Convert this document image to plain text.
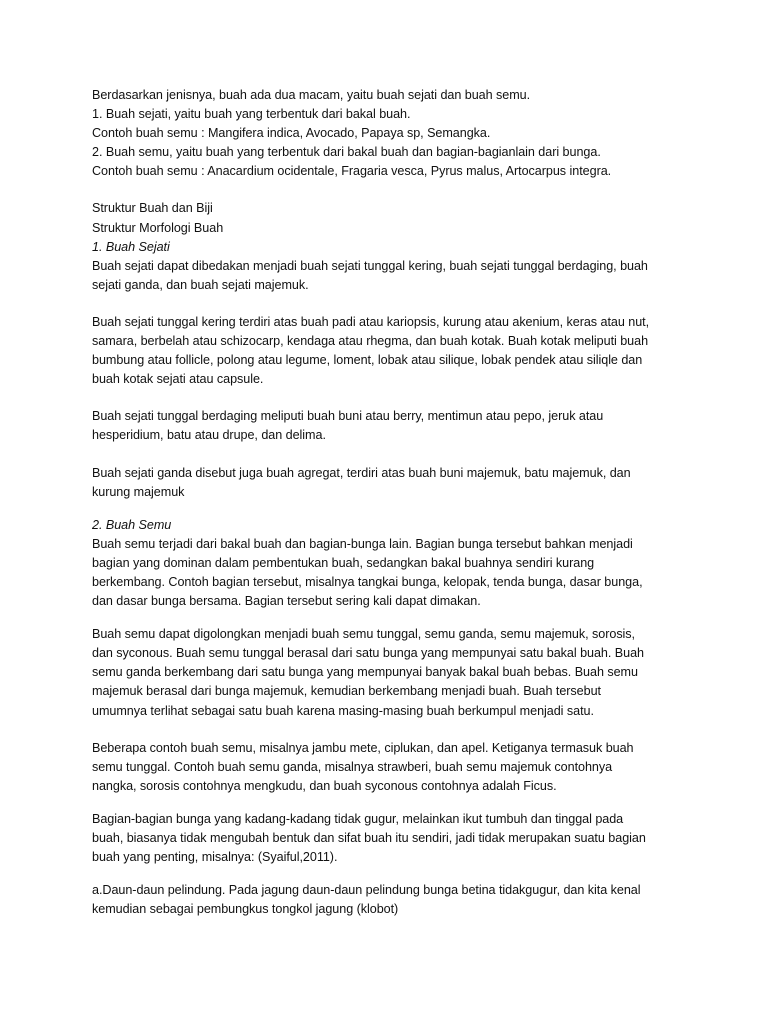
Berdasarkan jenisnya, buah ada dua macam, yaitu buah sejati dan buah semu.
1. Buah sejati, yaitu buah yang terbentuk dari bakal buah.
Contoh buah semu : Mangifera indica, Avocado, Papaya sp, Semangka.
2. Buah semu, yaitu buah yang terbentuk dari bakal buah dan bagian-bagianlain dari bunga.
Contoh buah semu : Anacardium ocidentale, Fragaria vesca, Pyrus malus, Artocarpus integra.
Struktur Buah dan Biji
Struktur Morfologi Buah
1. Buah Sejati
Buah sejati dapat dibedakan menjadi buah sejati tunggal kering, buah sejati tunggal berdaging, buah
sejati ganda, dan buah sejati majemuk.
Buah sejati tunggal kering terdiri atas buah padi atau kariopsis, kurung atau akenium, keras atau nut,
samara, berbelah atau schizocarp, kendaga atau rhegma, dan buah kotak. Buah kotak meliputi buah
bumbung atau follicle, polong atau legume, loment, lobak atau silique, lobak pendek atau siliqle dan
buah kotak sejati atau capsule.
Buah sejati tunggal berdaging meliputi buah buni atau berry, mentimun atau pepo, jeruk atau
hesperidium, batu atau drupe, dan delima.
Buah sejati ganda disebut juga buah agregat, terdiri atas buah buni majemuk, batu majemuk, dan
kurung majemuk
2. Buah Semu
Buah semu terjadi dari bakal buah dan bagian-bunga lain. Bagian bunga tersebut bahkan menjadi
bagian yang dominan dalam pembentukan buah, sedangkan bakal buahnya sendiri kurang
berkembang. Contoh bagian tersebut, misalnya tangkai bunga, kelopak, tenda bunga, dasar bunga,
dan dasar bunga bersama. Bagian tersebut sering kali dapat dimakan.
Buah semu dapat digolongkan menjadi buah semu tunggal, semu ganda, semu majemuk, sorosis,
dan syconous. Buah semu tunggal berasal dari satu bunga yang mempunyai satu bakal buah. Buah
semu ganda berkembang dari satu bunga yang mempunyai banyak bakal buah bebas. Buah semu
majemuk berasal dari bunga majemuk, kemudian berkembang menjadi buah. Buah tersebut
umumnya terlihat sebagai satu buah karena masing-masing buah berkumpul menjadi satu.
Beberapa contoh buah semu, misalnya jambu mete, ciplukan, dan apel. Ketiganya termasuk buah
semu tunggal. Contoh buah semu ganda, misalnya strawberi, buah semu majemuk contohnya
nangka, sorosis contohnya mengkudu, dan buah syconous contohnya adalah Ficus.
Bagian-bagian bunga yang kadang-kadang tidak gugur, melainkan ikut tumbuh dan tinggal pada
buah, biasanya tidak mengubah bentuk dan sifat buah itu sendiri, jadi tidak merupakan suatu bagian
buah yang penting, misalnya: (Syaiful,2011).
a.Daun-daun pelindung. Pada jagung daun-daun pelindung bunga betina tidakgugur, dan kita kenal
kemudian sebagai pembungkus tongkol jagung (klobot)
